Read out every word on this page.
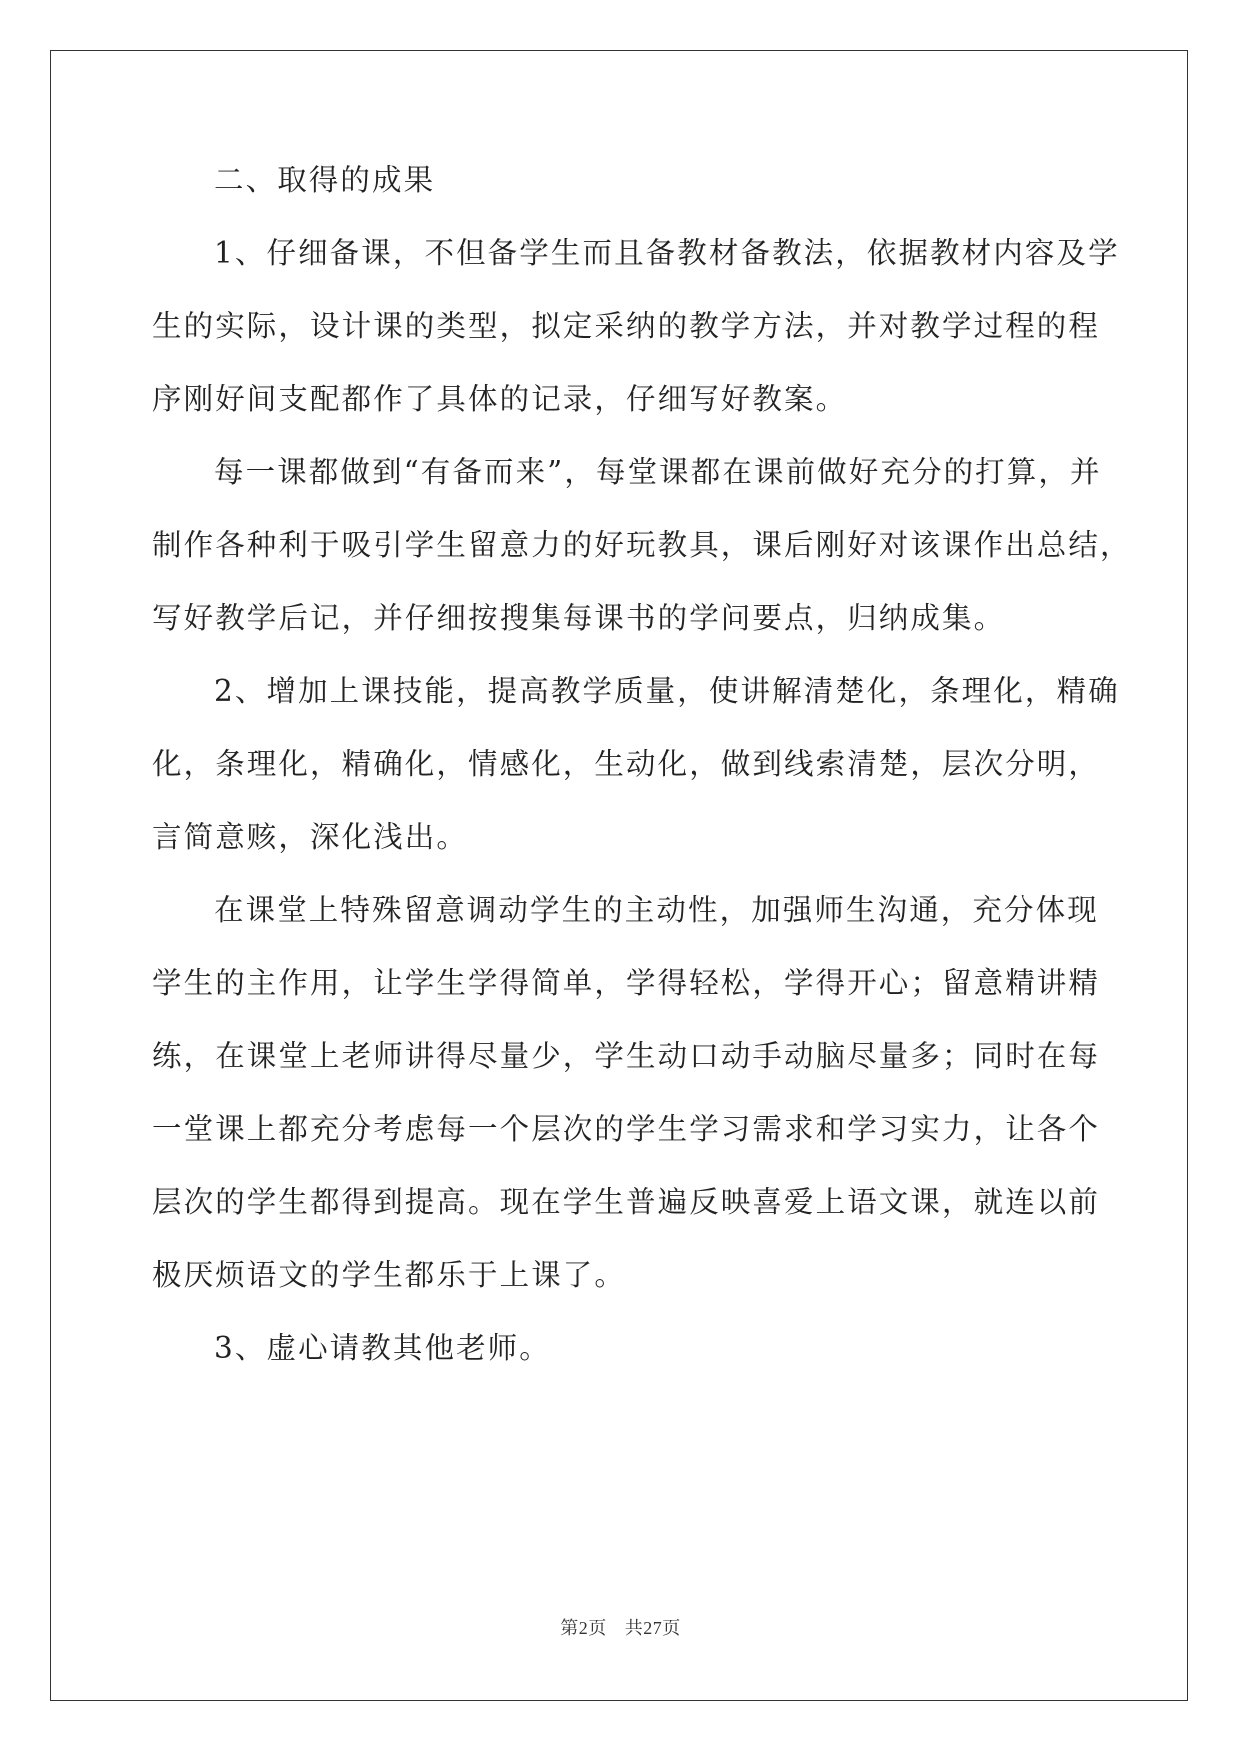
二、取得的成果
1、仔细备课，不但备学生而且备教材备教法，依据教材内容及学
生的实际，设计课的类型，拟定采纳的教学方法，并对教学过程的程
序刚好间支配都作了具体的记录，仔细写好教案。
每一课都做到“有备而来”，每堂课都在课前做好充分的打算，并
制作各种利于吸引学生留意力的好玩教具，课后刚好对该课作出总结，
写好教学后记，并仔细按搜集每课书的学问要点，归纳成集。
2、增加上课技能，提高教学质量，使讲解清楚化，条理化，精确
化，条理化，精确化，情感化，生动化，做到线索清楚，层次分明，
言简意赅，深化浅出。
在课堂上特殊留意调动学生的主动性，加强师生沟通，充分体现
学生的主作用，让学生学得简单，学得轻松，学得开心；留意精讲精
练，在课堂上老师讲得尽量少，学生动口动手动脑尽量多；同时在每
一堂课上都充分考虑每一个层次的学生学习需求和学习实力，让各个
层次的学生都得到提高。现在学生普遍反映喜爱上语文课，就连以前
极厌烦语文的学生都乐于上课了。
3、虚心请教其他老师。
第2页 共27页
